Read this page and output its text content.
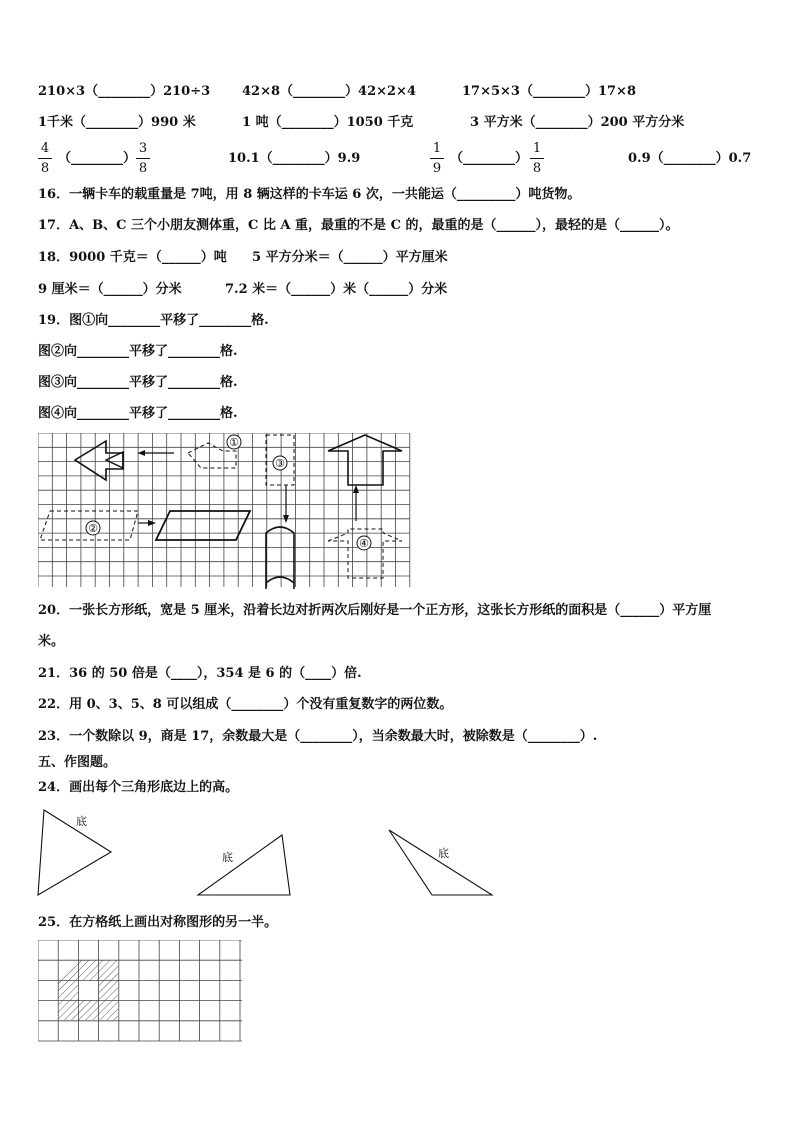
210×3（________）210÷3 42×8（________）42×2×4	17×5×3（________）17×8
1千米（________）990 米	1 吨（________）1050 千克	3 平方米（________）200 平方分米
4
8
（________）
3
8
10.1（________）9.9
1
9
（________）
1
8
0.9（________）0.7
16．一辆卡车的载重量是 7吨，用 8 辆这样的卡车运 6 次，一共能运（_________）吨货物。
17．A、B、C 三个小朋友测体重，C 比 A 重，最重的不是 C 的，最重的是（______），最轻的是（______）。
18．9000 千克＝（______）吨 5 平方分米＝（______）平方厘米
9 厘米＝（______）分米	7.2 米＝（______）米（______）分米
19．图①向________平移了________格.
图②向________平移了________格.
图③向________平移了________格.
图④向________平移了________格.
①
③
④
②
20．一张长方形纸，宽是 5 厘米，沿着长边对折两次后刚好是一个正方形，这张长方形纸的面积是（______）平方厘
米。
21．36 的 50 倍是（____），354 是 6 的（____）倍.
22．用 0、3、5、8 可以组成（________）个没有重复数字的两位数。
23．一个数除以 9，商是 17，余数最大是（________），当余数最大时，被除数是（________）.
五、作图题。
24．画出每个三角形底边上的高。
底
底	底
25．在方格纸上画出对称图形的另一半。
